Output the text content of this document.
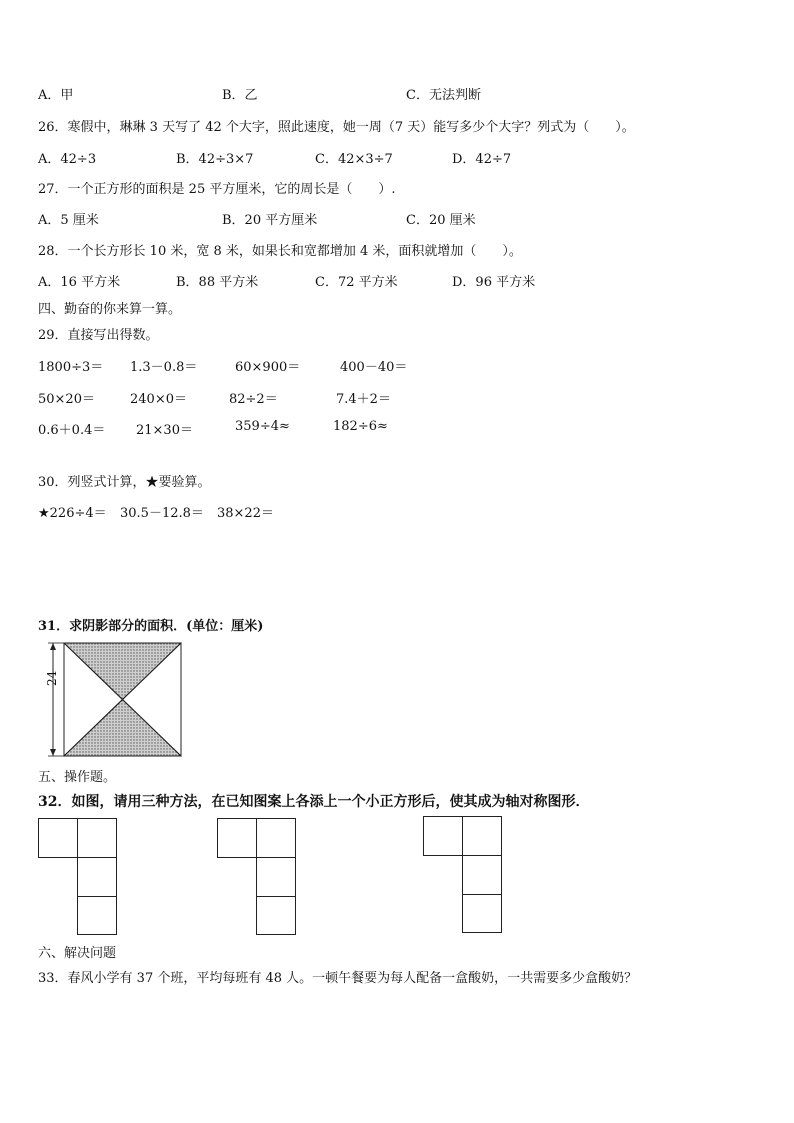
A．甲	B．乙	C．无法判断
26．寒假中，琳琳 3 天写了 42 个大字，照此速度，她一周（7 天）能写多少个大字？列式为（　　）。
A．42÷3	B．42÷3×7	C．42×3÷7	D．42÷7
27．一个正方形的面积是 25 平方厘米，它的周长是（　　）.
A．5 厘米	B．20 平方厘米	C．20 厘米
28．一个长方形长 10 米，宽 8 米，如果长和宽都增加 4 米，面积就增加（　　）。
A．16 平方米	B．88 平方米	C．72 平方米	D．96 平方米
四、勤奋的你来算一算。
29．直接写出得数。
1800÷3＝ 1.3－0.8＝	60×900＝	400－40＝
50×20＝	240×0＝	82÷2＝	7.4＋2＝
0.6＋0.4＝ 21×30＝	359÷4≈	182÷6≈
30．列竖式计算，★要验算。
★226÷4＝ 30.5－12.8＝ 38×22＝
31．求阴影部分的面积．(单位：厘米)
24
五、操作题。
32．如图，请用三种方法，在已知图案上各添上一个小正方形后，使其成为轴对称图形．
六、解决问题
33．春风小学有 37 个班，平均每班有 48 人。一顿午餐要为每人配备一盒酸奶，一共需要多少盒酸奶？
